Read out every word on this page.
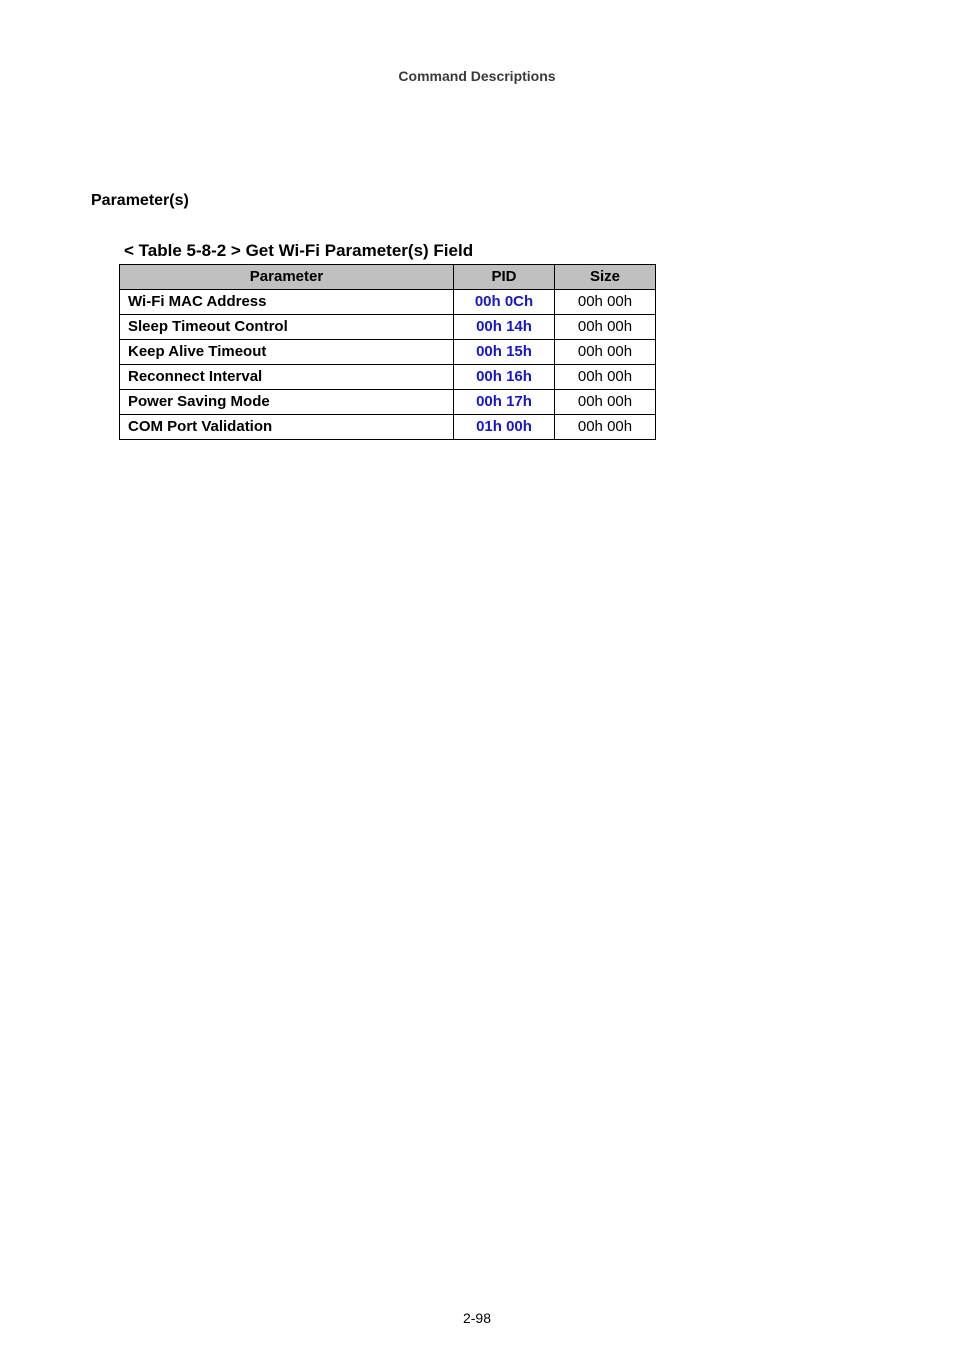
Command Descriptions
Parameter(s)
< Table 5-8-2 > Get Wi-Fi Parameter(s) Field
Parameter	PID	Size
Wi-Fi MAC Address	00h 0Ch	00h 00h
Sleep Timeout Control	00h 14h	00h 00h
Keep Alive Timeout	00h 15h	00h 00h
Reconnect Interval	00h 16h	00h 00h
Power Saving Mode	00h 17h	00h 00h
COM Port Validation	01h 00h	00h 00h
2-98
